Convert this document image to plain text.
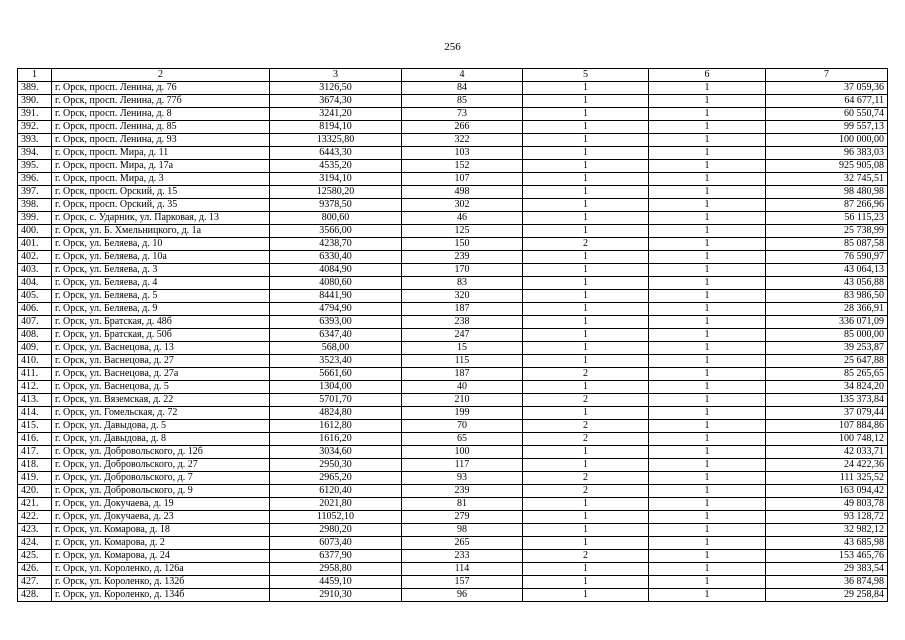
256
1	2	3	4	5	6	7
389.	г. Орск, просп. Ленина, д. 76	3126,50	84	1	1	37 059,36
390.	г. Орск, просп. Ленина, д. 77б	3674,30	85	1	1	64 677,11
391.	г. Орск, просп. Ленина, д. 8	3241,20	73	1	1	60 550,74
392.	г. Орск, просп. Ленина, д. 85	8194,10	266	1	1	99 557,13
393.	г. Орск, просп. Ленина, д. 93	13325,80	322	1	1	100 000,00
394.	г. Орск, просп. Мира, д. 11	6443,30	103	1	1	96 383,03
395.	г. Орск, просп. Мира, д. 17а	4535,20	152	1	1	925 905,08
396.	г. Орск, просп. Мира, д. 3	3194,10	107	1	1	32 745,51
397.	г. Орск, просп. Орский, д. 15	12580,20	498	1	1	98 480,98
398.	г. Орск, просп. Орский, д. 35	9378,50	302	1	1	87 266,96
399.	г. Орск, с. Ударник, ул. Парковая, д. 13	800,60	46	1	1	56 115,23
400.	г. Орск, ул. Б. Хмельницкого, д. 1а	3566,00	125	1	1	25 738,99
401.	г. Орск, ул. Беляева, д. 10	4238,70	150	2	1	85 087,58
402.	г. Орск, ул. Беляева, д. 10а	6330,40	239	1	1	76 590,97
403.	г. Орск, ул. Беляева, д. 3	4084,90	170	1	1	43 064,13
404.	г. Орск, ул. Беляева, д. 4	4080,60	83	1	1	43 056,88
405.	г. Орск, ул. Беляева, д. 5	8441,90	320	1	1	83 986,50
406.	г. Орск, ул. Беляева, д. 9	4794,90	187	1	1	28 366,91
407.	г. Орск, ул. Братская, д. 48б	6393,00	238	1	1	336 071,09
408.	г. Орск, ул. Братская, д. 50б	6347,40	247	1	1	85 000,00
409.	г. Орск, ул. Васнецова, д. 13	568,00	15	1	1	39 253,87
410.	г. Орск, ул. Васнецова, д. 27	3523,40	115	1	1	25 647,88
411.	г. Орск, ул. Васнецова, д. 27а	5661,60	187	2	1	85 265,65
412.	г. Орск, ул. Васнецова, д. 5	1304,00	40	1	1	34 824,20
413.	г. Орск, ул. Вяземская, д. 22	5701,70	210	2	1	135 373,84
414.	г. Орск, ул. Гомельская, д. 72	4824,80	199	1	1	37 079,44
415.	г. Орск, ул. Давыдова, д. 5	1612,80	70	2	1	107 884,86
416.	г. Орск, ул. Давыдова, д. 8	1616,20	65	2	1	100 748,12
417.	г. Орск, ул. Добровольского, д. 12б	3034,60	100	1	1	42 033,71
418.	г. Орск, ул. Добровольского, д. 27	2950,30	117	1	1	24 422,36
419.	г. Орск, ул. Добровольского, д. 7	2965,20	93	2	1	111 325,52
420.	г. Орск, ул. Добровольского, д. 9	6120,40	239	2	1	163 094,42
421.	г. Орск, ул. Докучаева, д. 19	2021,80	81	1	1	49 803,78
422.	г. Орск, ул. Докучаева, д. 23	11052,10	279	1	1	93 128,72
423.	г. Орск, ул. Комарова, д. 18	2980,20	98	1	1	32 982,12
424.	г. Орск, ул. Комарова, д. 2	6073,40	265	1	1	43 685,98
425.	г. Орск, ул. Комарова, д. 24	6377,90	233	2	1	153 465,76
426.	г. Орск, ул. Короленко, д. 126а	2958,80	114	1	1	29 383,54
427.	г. Орск, ул. Короленко, д. 132б	4459,10	157	1	1	36 874,98
428.	г. Орск, ул. Короленко, д. 134б	2910,30	96	1	1	29 258,84
